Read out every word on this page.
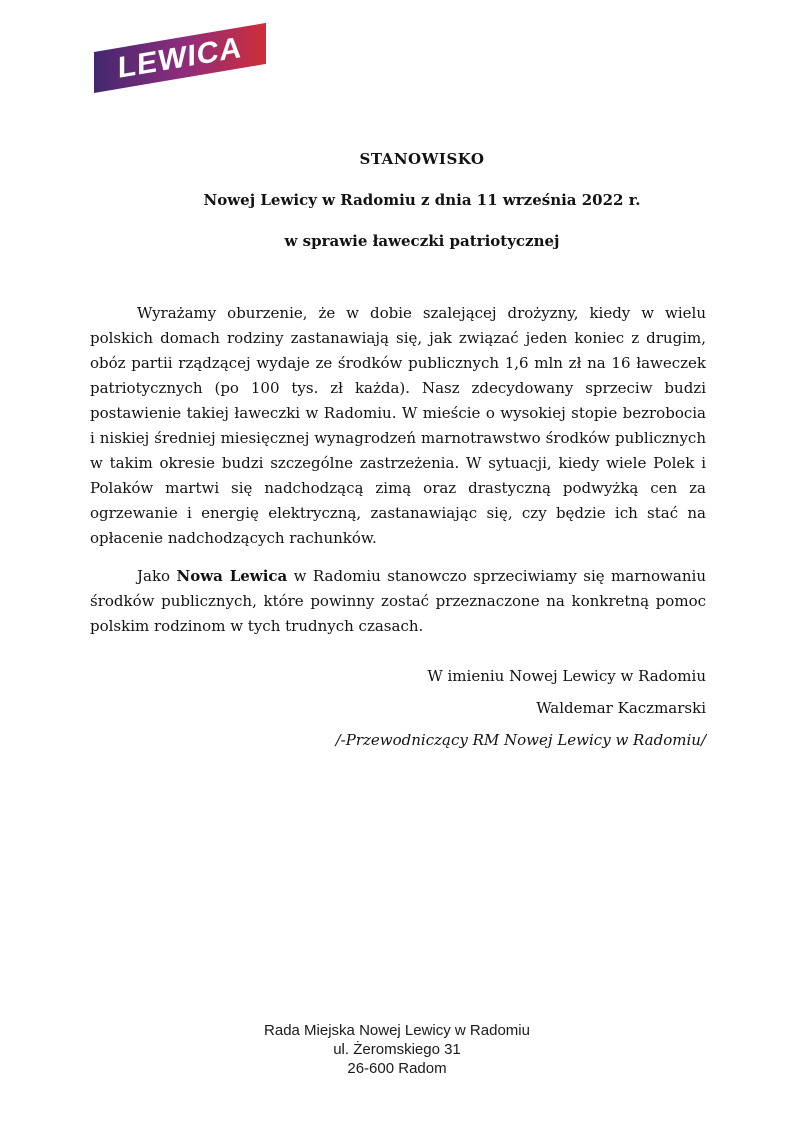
LEWICA
STANOWISKO
Nowej Lewicy w Radomiu z dnia 11 września 2022 r.
w sprawie ławeczki patriotycznej

Wyrażamy oburzenie, że w dobie szalejącej drożyzny, kiedy w wielu polskich domach rodziny zastanawiają się, jak związać jeden koniec z drugim, obóz partii rządzącej wydaje ze środków publicznych 1,6 mln zł na 16 ławeczek patriotycznych (po 100 tys. zł każda). Nasz zdecydowany sprzeciw budzi postawienie takiej ławeczki w Radomiu. W mieście o wysokiej stopie bezrobocia i niskiej średniej miesięcznej wynagrodzeń marnotrawstwo środków publicznych w takim okresie budzi szczególne zastrzeżenia. W sytuacji, kiedy wiele Polek i Polaków martwi się nadchodzącą zimą oraz drastyczną podwyżką cen za ogrzewanie i energię elektryczną, zastanawiając się, czy będzie ich stać na opłacenie nadchodzących rachunków.

Jako Nowa Lewica w Radomiu stanowczo sprzeciwiamy się marnowaniu środków publicznych, które powinny zostać przeznaczone na konkretną pomoc polskim rodzinom w tych trudnych czasach.

W imieniu Nowej Lewicy w Radomiu
Waldemar Kaczmarski
/-Przewodniczący RM Nowej Lewicy w Radomiu/
Rada Miejska Nowej Lewicy w Radomiu
ul. Żeromskiego 31
26-600 Radom
